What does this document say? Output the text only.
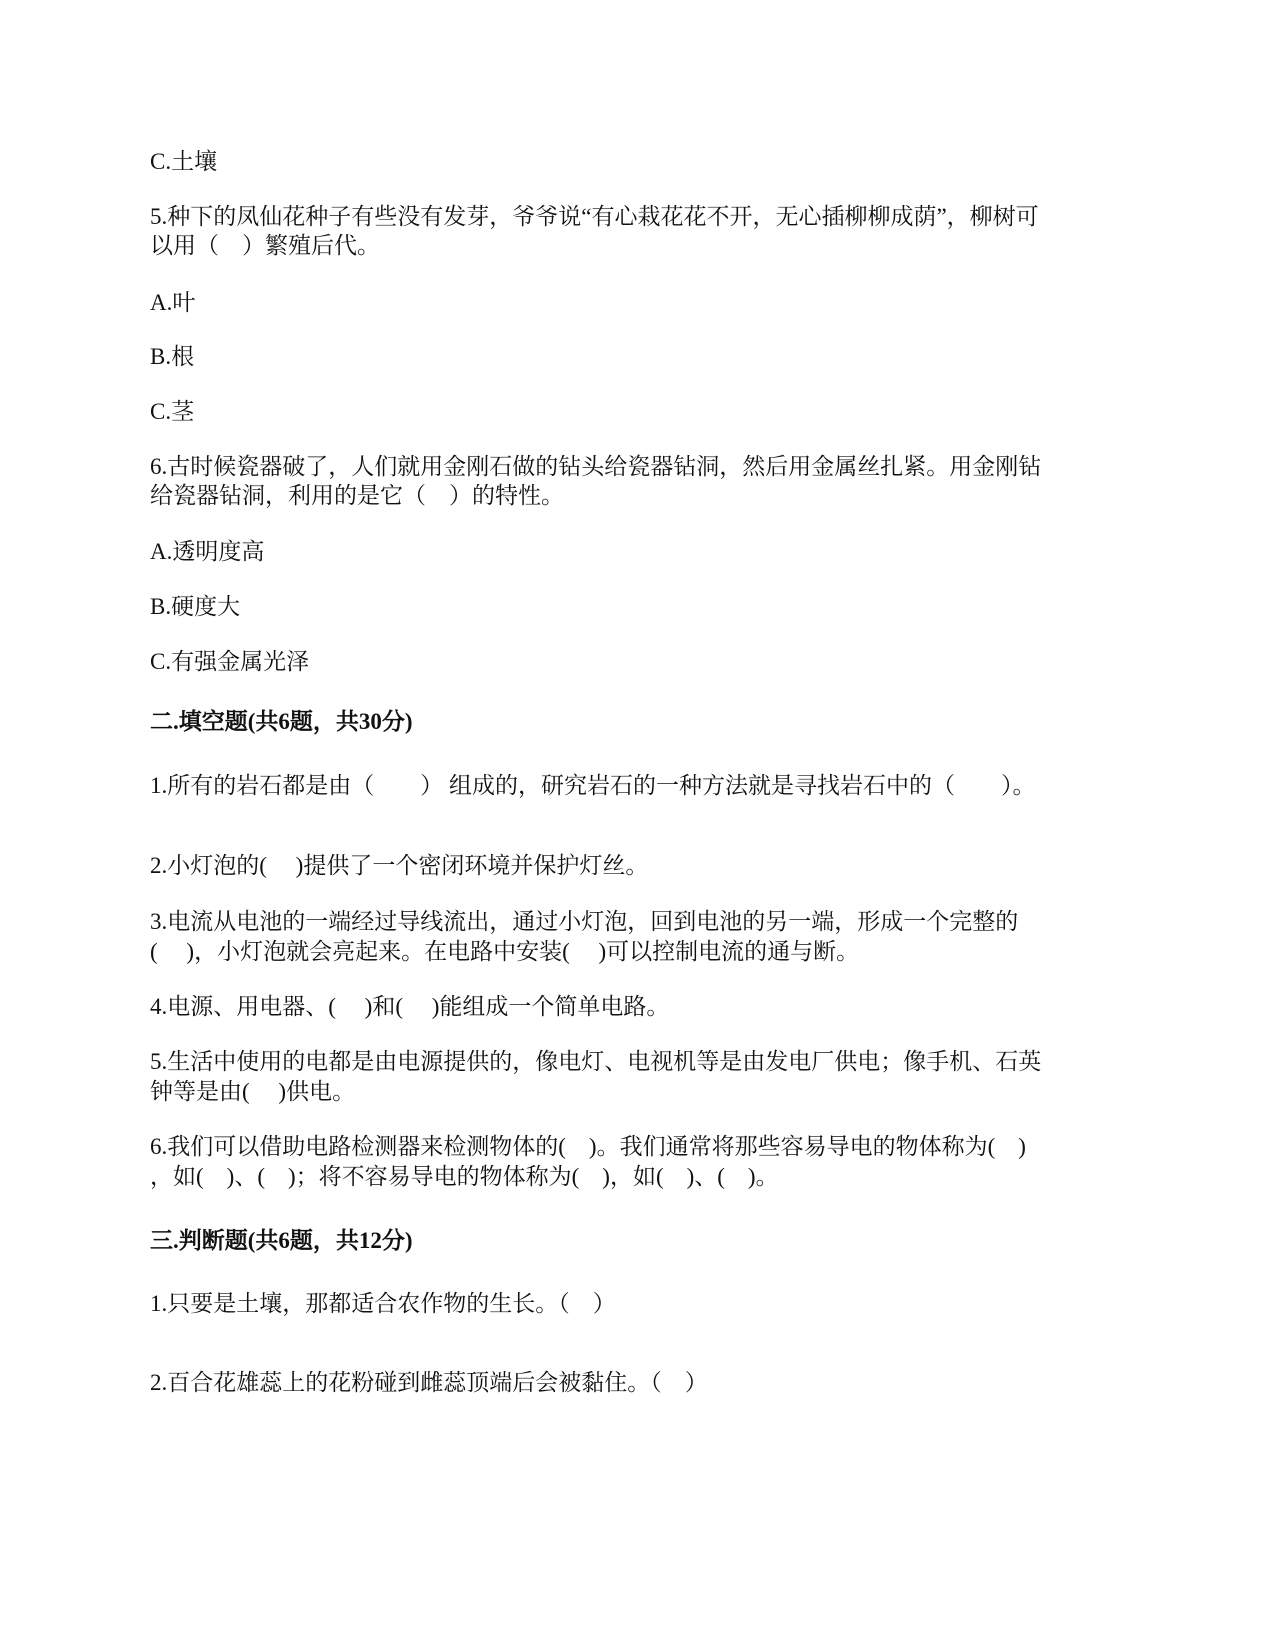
C.土壤

5.种下的凤仙花种子有些没有发芽，爷爷说“有心栽花花不开，无心插柳柳成荫”，柳树可

以用（　）繁殖后代。

A.叶

B.根

C.茎

6.古时候瓷器破了，人们就用金刚石做的钻头给瓷器钻洞，然后用金属丝扎紧。用金刚钻

给瓷器钻洞，利用的是它（　）的特性。

A.透明度高

B.硬度大

C.有强金属光泽

二.填空题(共6题，共30分)

1.所有的岩石都是由（　　） 组成的，研究岩石的一种方法就是寻找岩石中的（　　）。

2.小灯泡的(　 )提供了一个密闭环境并保护灯丝。

3.电流从电池的一端经过导线流出，通过小灯泡，回到电池的另一端，形成一个完整的

(　 )，小灯泡就会亮起来。在电路中安装(　 )可以控制电流的通与断。

4.电源、用电器、(　 )和(　 )能组成一个简单电路。

5.生活中使用的电都是由电源提供的，像电灯、电视机等是由发电厂供电；像手机、石英

钟等是由(　 )供电。

6.我们可以借助电路检测器来检测物体的(　)。我们通常将那些容易导电的物体称为(　)

，如(　)、(　)；将不容易导电的物体称为(　)，如(　)、(　)。

三.判断题(共6题，共12分)

1.只要是土壤，那都适合农作物的生长。（　）

2.百合花雄蕊上的花粉碰到雌蕊顶端后会被黏住。（　）
